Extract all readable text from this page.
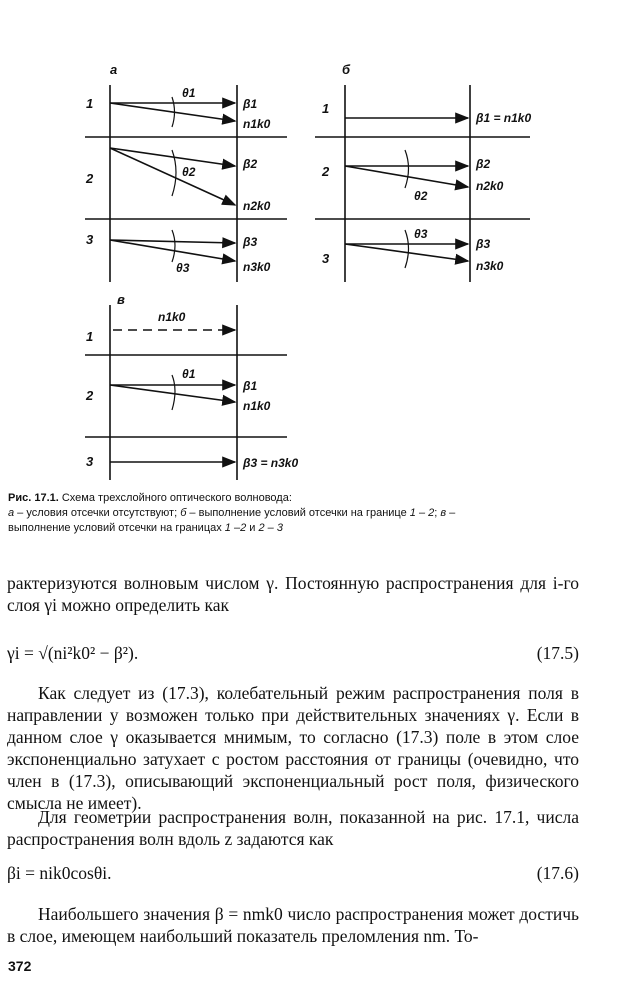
а
1
2
3
θ1
β1
n1k0
θ2
β2
n2k0
θ3
β3
n3k0
б
1
2
3
β1 = n1k0
θ2
β2
n2k0
θ3
β3
n3k0
в
1
2
3
n1k0
θ1
β1
n1k0
β3 = n3k0
Рис. 17.1. Схема трехслойного оптического волновода:
а – условия отсечки отсутствуют; б – выполнение условий отсечки на границе 1 – 2; в –
выполнение условий отсечки на границах 1 –2 и 2 – 3
рактеризуются волновым числом γ. Постоянную распространения для i-го слоя γi можно определить как
γi = √(ni²k0² − β²).	(17.5)
Как следует из (17.3), колебательный режим распространения поля в направлении y возможен только при действительных значениях γ. Если в данном слое γ оказывается мнимым, то согласно (17.3) поле в этом слое экспоненциально затухает с ростом расстояния от границы (очевидно, что член в (17.3), описывающий экспоненциальный рост поля, физического смысла не имеет).
Для геометрии распространения волн, показанной на рис. 17.1, числа распространения волн вдоль z задаются как
βi = nik0cosθi.	(17.6)
Наибольшего значения β = nmk0 число распространения может достичь в слое, имеющем наибольший показатель преломления nm. То-
372
